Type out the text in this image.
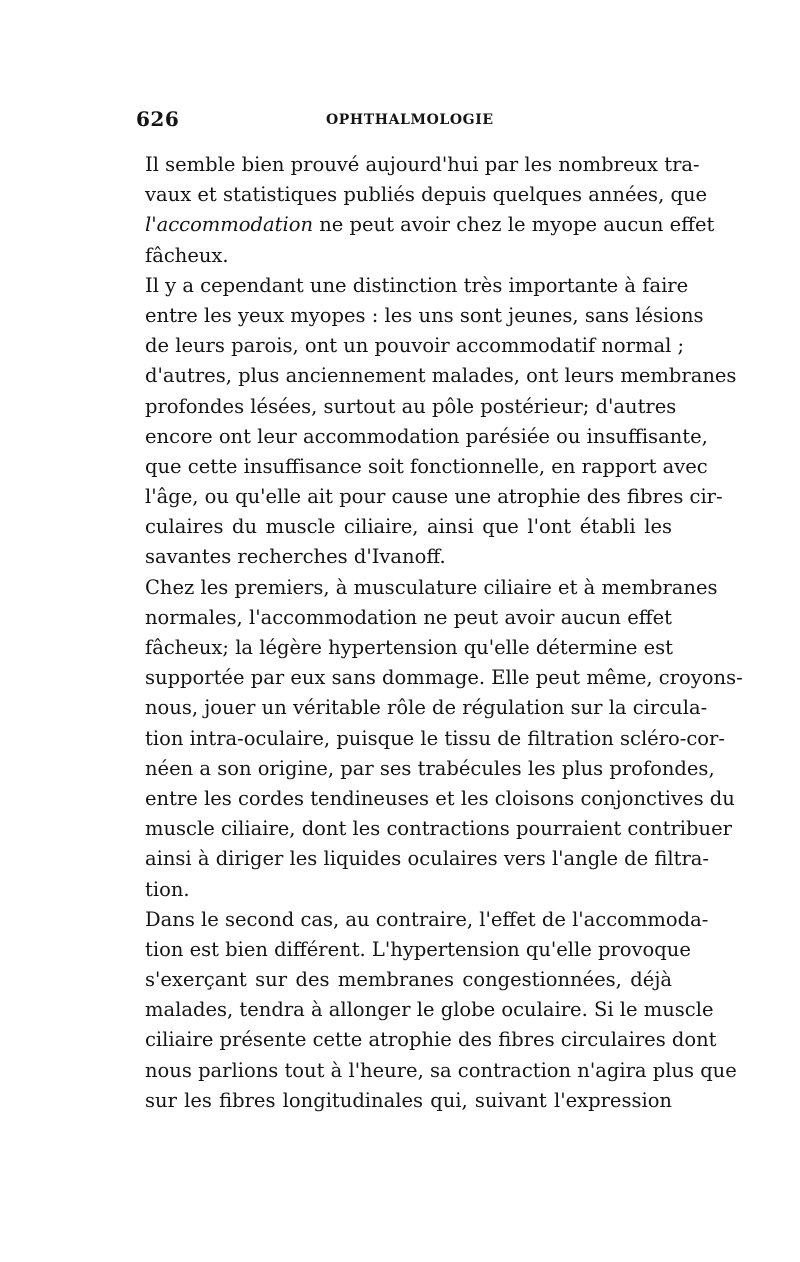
626	OPHTHALMOLOGIE
Il semble bien prouvé aujourd'hui par les nombreux tra-
vaux et statistiques publiés depuis quelques années, que
l'accommodation ne peut avoir chez le myope aucun effet
fâcheux.
Il y a cependant une distinction très importante à faire
entre les yeux myopes : les uns sont jeunes, sans lésions
de leurs parois, ont un pouvoir accommodatif normal ;
d'autres, plus anciennement malades, ont leurs membranes
profondes lésées, surtout au pôle postérieur; d'autres
encore ont leur accommodation parésiée ou insuffisante,
que cette insuffisance soit fonctionnelle, en rapport avec
l'âge, ou qu'elle ait pour cause une atrophie des fibres cir-
culaires du muscle ciliaire, ainsi que l'ont établi les
savantes recherches d'Ivanoff.
Chez les premiers, à musculature ciliaire et à membranes
normales, l'accommodation ne peut avoir aucun effet
fâcheux; la légère hypertension qu'elle détermine est
supportée par eux sans dommage. Elle peut même, croyons-
nous, jouer un véritable rôle de régulation sur la circula-
tion intra-oculaire, puisque le tissu de filtration scléro-cor-
néen a son origine, par ses trabécules les plus profondes,
entre les cordes tendineuses et les cloisons conjonctives du
muscle ciliaire, dont les contractions pourraient contribuer
ainsi à diriger les liquides oculaires vers l'angle de filtra-
tion.
Dans le second cas, au contraire, l'effet de l'accommoda-
tion est bien différent. L'hypertension qu'elle provoque
s'exerçant sur des membranes congestionnées, déjà
malades, tendra à allonger le globe oculaire. Si le muscle
ciliaire présente cette atrophie des fibres circulaires dont
nous parlions tout à l'heure, sa contraction n'agira plus que
sur les fibres longitudinales qui, suivant l'expression
